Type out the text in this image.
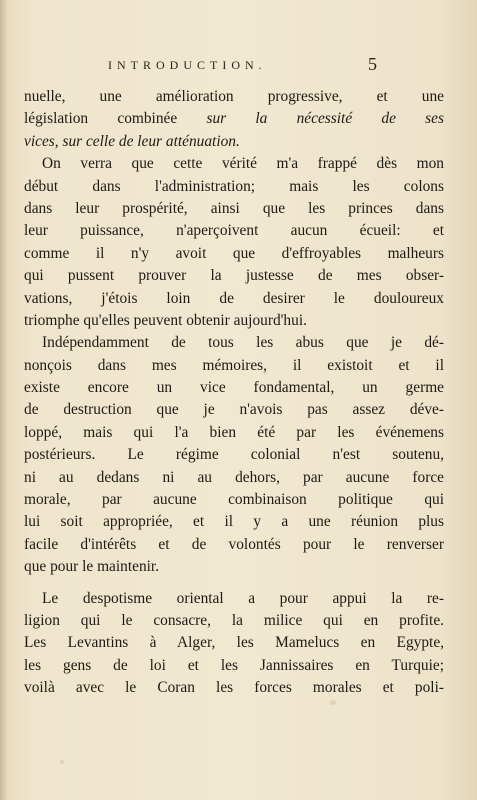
INTRODUCTION.	5
nuelle, une amélioration progressive, et une
législation combinée sur la nécessité de ses
vices, sur celle de leur atténuation.
On verra que cette vérité m'a frappé dès mon
début dans l'administration; mais les colons
dans leur prospérité, ainsi que les princes dans
leur puissance, n'aperçoivent aucun écueil: et
comme il n'y avoit que d'effroyables malheurs
qui pussent prouver la justesse de mes obser-
vations, j'étois loin de desirer le douloureux
triomphe qu'elles peuvent obtenir aujourd'hui.
Indépendamment de tous les abus que je dé-
nonçois dans mes mémoires, il existoit et il
existe encore un vice fondamental, un germe
de destruction que je n'avois pas assez déve-
loppé, mais qui l'a bien été par les événemens
postérieurs. Le régime colonial n'est soutenu,
ni au dedans ni au dehors, par aucune force
morale, par aucune combinaison politique qui
lui soit appropriée, et il y a une réunion plus
facile d'intérêts et de volontés pour le renverser
que pour le maintenir.
Le despotisme oriental a pour appui la re-
ligion qui le consacre, la milice qui en profite.
Les Levantins à Alger, les Mamelucs en Egypte,
les gens de loi et les Jannissaires en Turquie;
voilà avec le Coran les forces morales et poli-
